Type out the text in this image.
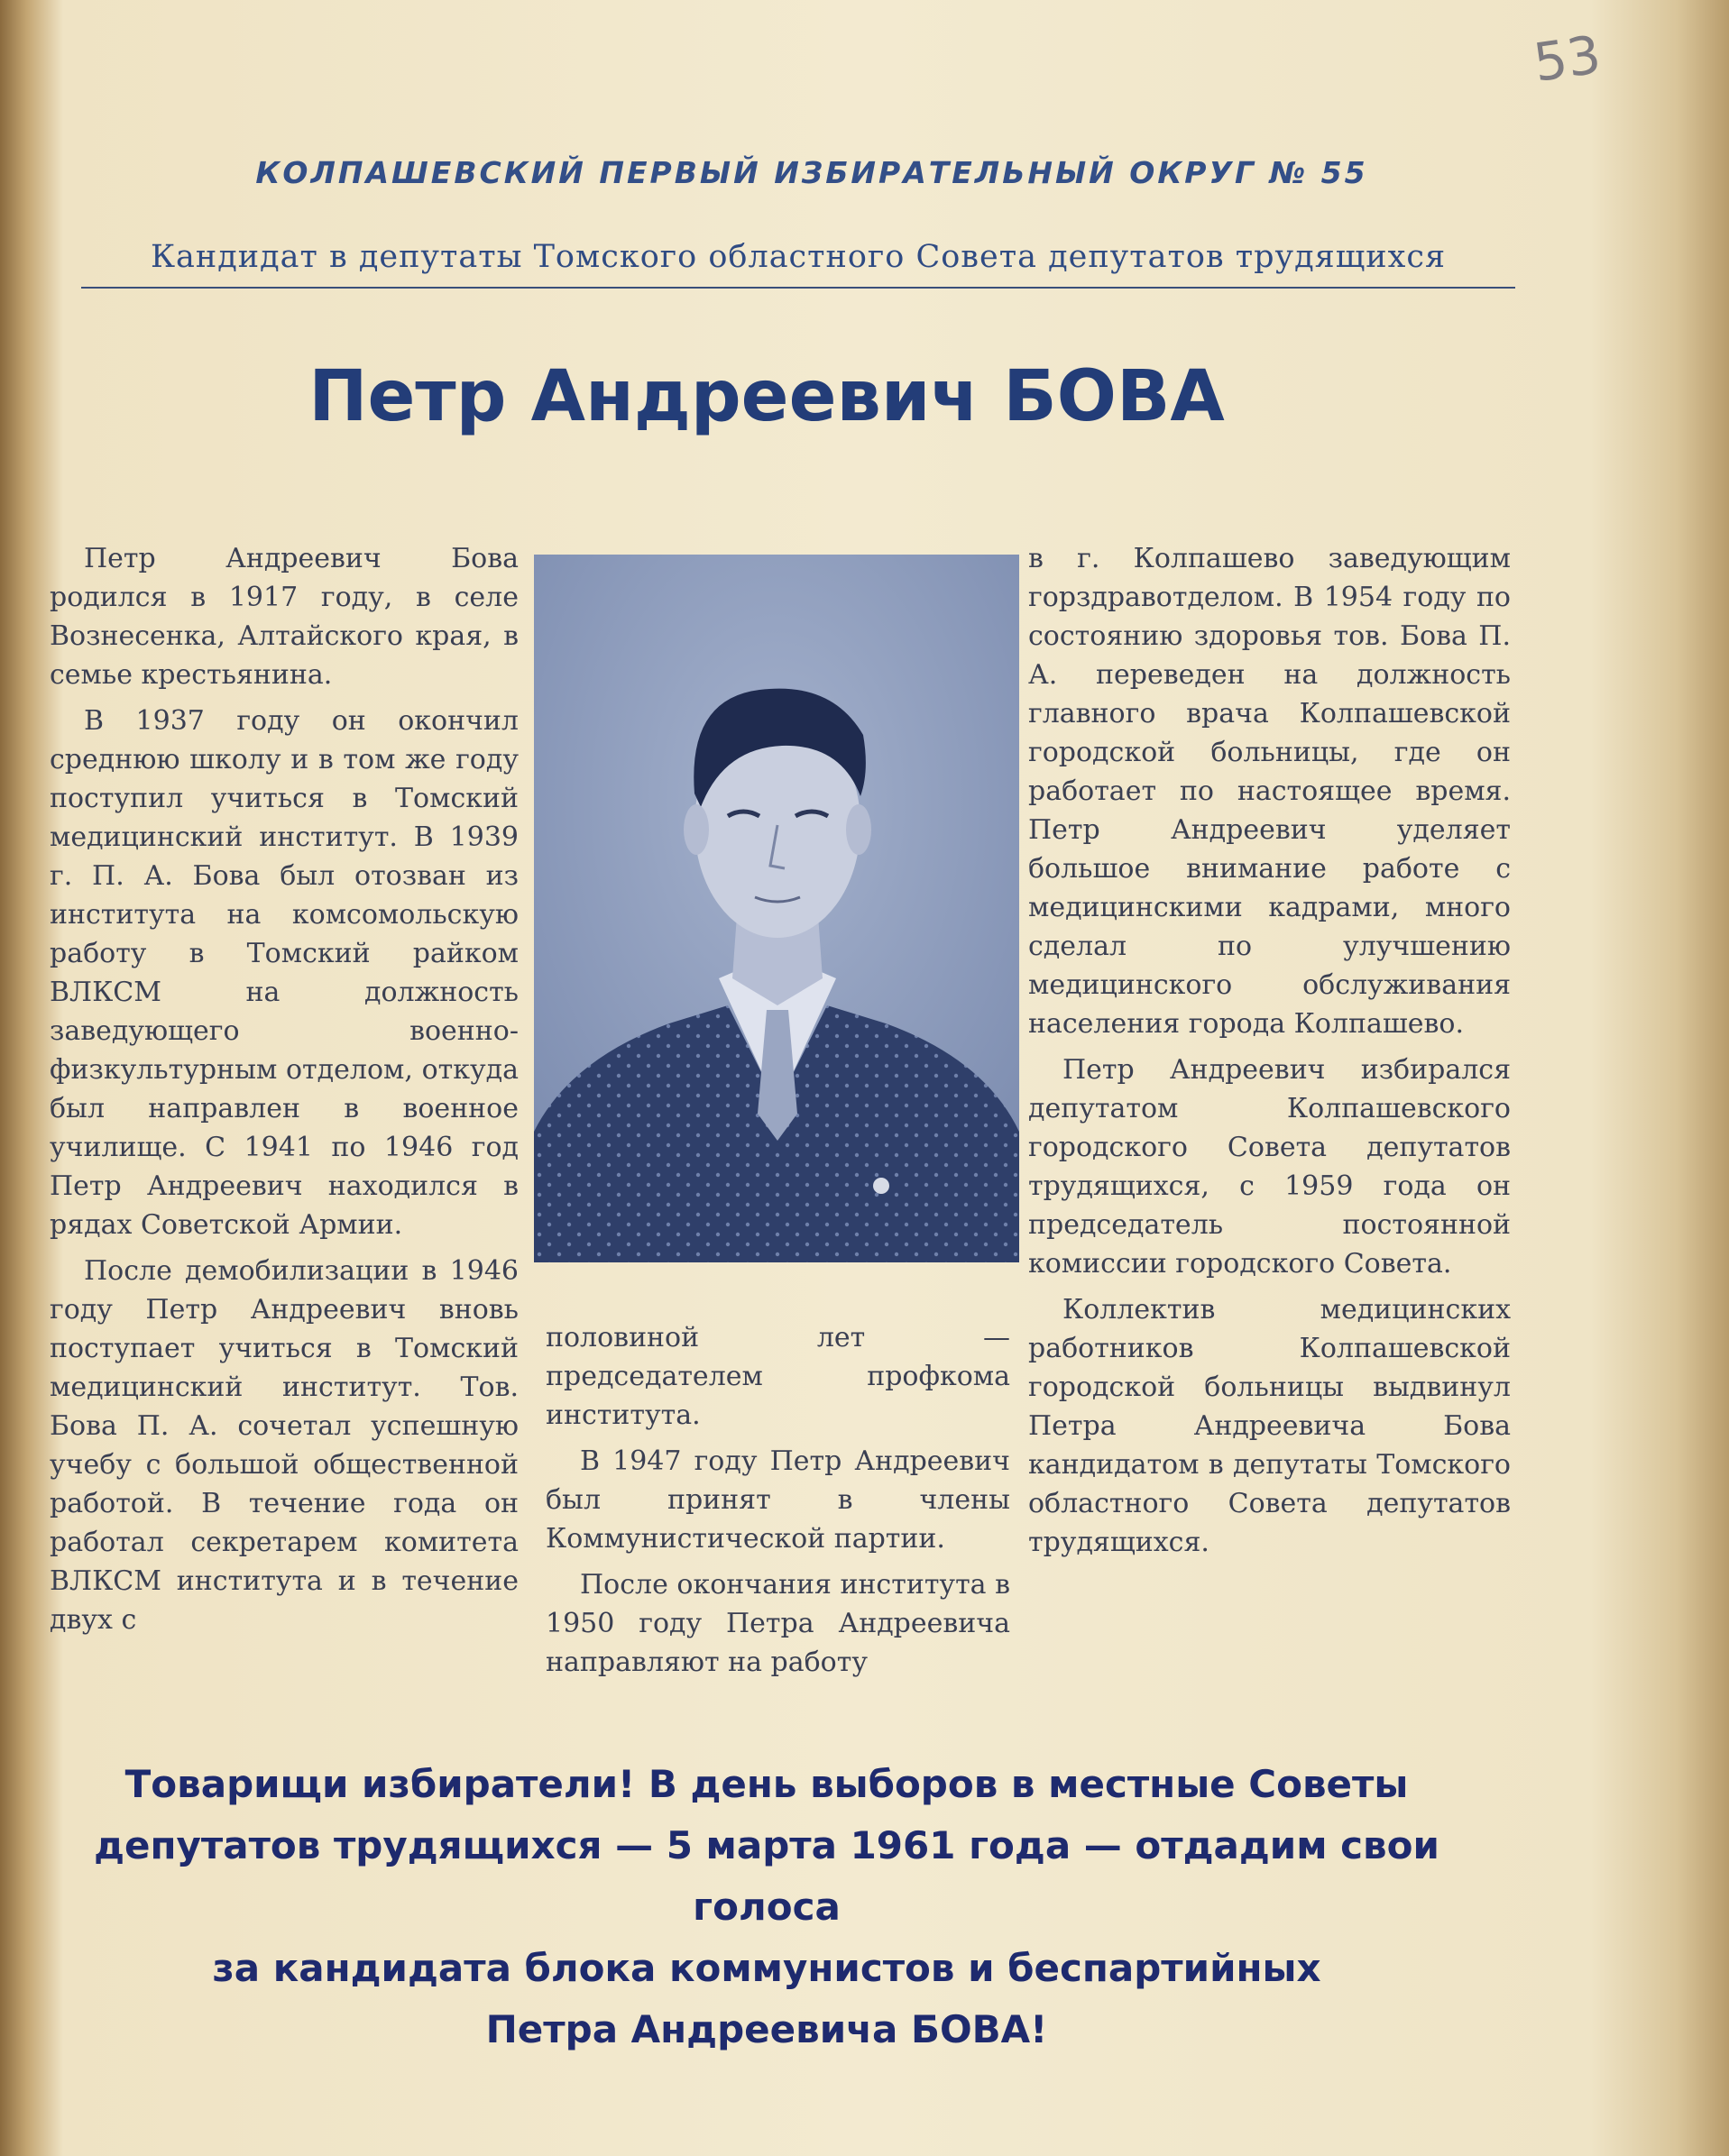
53

КОЛПАШЕВСКИЙ ПЕРВЫЙ ИЗБИРАТЕЛЬНЫЙ ОКРУГ № 55

Кандидат в депутаты Томского областного Совета депутатов трудящихся

Петр Андреевич БОВА

Петр Андреевич Бова родился в 1917 году, в селе Вознесенка, Алтайского края, в семье крестьянина.

В 1937 году он окончил среднюю школу и в том же году поступил учиться в Томский медицинский институт. В 1939 г. П. А. Бова был отозван из института на комсомольскую работу в Томский райком ВЛКСМ на должность заведующего военно-физкультурным отделом, откуда был направлен в военное училище. С 1941 по 1946 год Петр Андреевич находился в рядах Советской Армии.

После демобилизации в 1946 году Петр Андреевич вновь поступает учиться в Томский медицинский институт. Тов. Бова П. А. сочетал успешную учебу с большой общественной работой. В течение года он работал секретарем комитета ВЛКСМ института и в течение двух с

половиной лет — председателем профкома института.

В 1947 году Петр Андреевич был принят в члены Коммунистической партии.

После окончания института в 1950 году Петра Андреевича направляют на работу

в г. Колпашево заведующим горздравотделом. В 1954 году по состоянию здоровья тов. Бова П. А. переведен на должность главного врача Колпашевской городской больницы, где он работает по настоящее время. Петр Андреевич уделяет большое внимание работе с медицинскими кадрами, много сделал по улучшению медицинского обслуживания населения города Колпашево.

Петр Андреевич избирался депутатом Колпашевского городского Совета депутатов трудящихся, с 1959 года он председатель постоянной комиссии городского Совета.

Коллектив медицинских работников Колпашевской городской больницы выдвинул Петра Андреевича Бова кандидатом в депутаты Томского областного Совета депутатов трудящихся.

Товарищи избиратели! В день выборов в местные Советы
депутатов трудящихся — 5 марта 1961 года — отдадим свои голоса
за кандидата блока коммунистов и беспартийных
Петра Андреевича БОВА!
